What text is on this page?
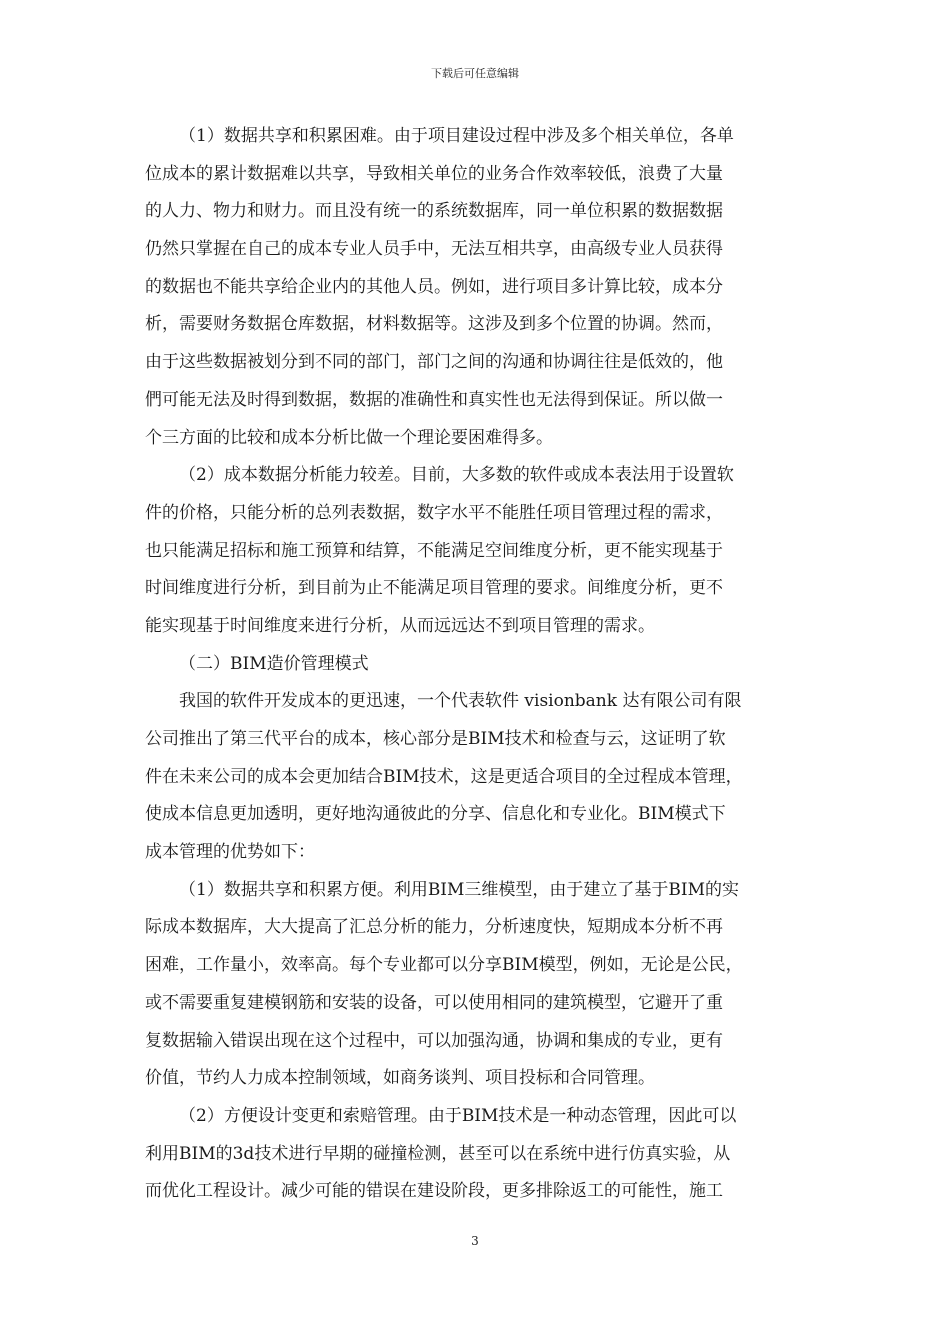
下载后可任意编辑
（1）数据共享和积累困难。由于项目建设过程中涉及多个相关单位，各单
位成本的累计数据难以共享，导致相关单位的业务合作效率较低，浪费了大量
的人力、物力和财力。而且没有统一的系统数据库，同一单位积累的数据数据
仍然只掌握在自己的成本专业人员手中，无法互相共享，由高级专业人员获得
的数据也不能共享给企业内的其他人员。例如，进行项目多计算比较，成本分
析，需要财务数据仓库数据，材料数据等。这涉及到多个位置的协调。然而，
由于这些数据被划分到不同的部门，部门之间的沟通和协调往往是低效的，他
們可能无法及时得到数据，数据的准确性和真实性也无法得到保证。所以做一
个三方面的比较和成本分析比做一个理论要困难得多。
（2）成本数据分析能力较差。目前，大多数的软件或成本表法用于设置软
件的价格，只能分析的总列表数据，数字水平不能胜任项目管理过程的需求，
也只能满足招标和施工预算和结算，不能满足空间维度分析，更不能实现基于
时间维度进行分析，到目前为止不能满足项目管理的要求。间维度分析，更不
能实现基于时间维度来进行分析，从而远远达不到项目管理的需求。
（二）BIM造价管理模式
我国的软件开发成本的更迅速，一个代表软件 visionbank 达有限公司有限
公司推出了第三代平台的成本，核心部分是BIM技术和检查与云，这证明了软
件在未来公司的成本会更加结合BIM技术，这是更适合项目的全过程成本管理，
使成本信息更加透明，更好地沟通彼此的分享、信息化和专业化。BIM模式下
成本管理的优势如下：
（1）数据共享和积累方便。利用BIM三维模型，由于建立了基于BIM的实
际成本数据库，大大提高了汇总分析的能力，分析速度快，短期成本分析不再
困难，工作量小，效率高。每个专业都可以分享BIM模型，例如，无论是公民，
或不需要重复建模钢筋和安装的设备，可以使用相同的建筑模型，它避开了重
复数据输入错误出现在这个过程中，可以加强沟通，协调和集成的专业，更有
价值，节约人力成本控制领域，如商务谈判、项目投标和合同管理。
（2）方便设计变更和索赔管理。由于BIM技术是一种动态管理，因此可以
利用BIM的3d技术进行早期的碰撞检测，甚至可以在系统中进行仿真实验，从
而优化工程设计。减少可能的错误在建设阶段，更多排除返工的可能性，施工
3
